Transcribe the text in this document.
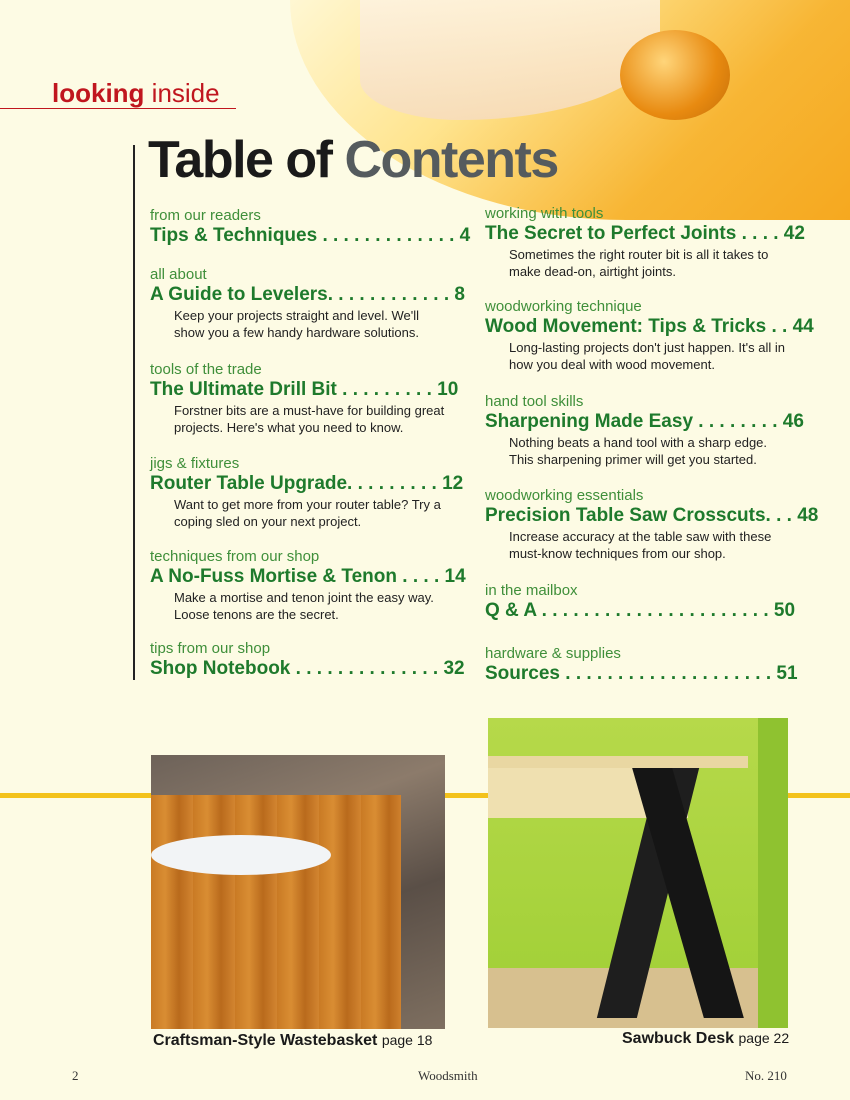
looking inside
Table of Contents
from our readers
Tips & Techniques . . . . . . . . . . . . . 4
all about
A Guide to Levelers. . . . . . . . . . . . 8
Keep your projects straight and level. We'll show you a few handy hardware solutions.
tools of the trade
The Ultimate Drill Bit . . . . . . . . . 10
Forstner bits are a must-have for building great projects. Here's what you need to know.
jigs & fixtures
Router Table Upgrade. . . . . . . . . 12
Want to get more from your router table? Try a coping sled on your next project.
techniques from our shop
A No-Fuss Mortise & Tenon . . . . 14
Make a mortise and tenon joint the easy way. Loose tenons are the secret.
tips from our shop
Shop Notebook . . . . . . . . . . . . . . 32
working with tools
The Secret to Perfect Joints . . . . 42
Sometimes the right router bit is all it takes to make dead-on, airtight joints.
woodworking technique
Wood Movement: Tips & Tricks . . 44
Long-lasting projects don't just happen. It's all in how you deal with wood movement.
hand tool skills
Sharpening Made Easy . . . . . . . . 46
Nothing beats a hand tool with a sharp edge. This sharpening primer will get you started.
woodworking essentials
Precision Table Saw Crosscuts. . . 48
Increase accuracy at the table saw with these must-know techniques from our shop.
in the mailbox
Q & A . . . . . . . . . . . . . . . . . . . . . . 50
hardware & supplies
Sources . . . . . . . . . . . . . . . . . . . . 51
Craftsman-Style Wastebasket page 18	Sawbuck Desk page 22
2	Woodsmith	No. 210
